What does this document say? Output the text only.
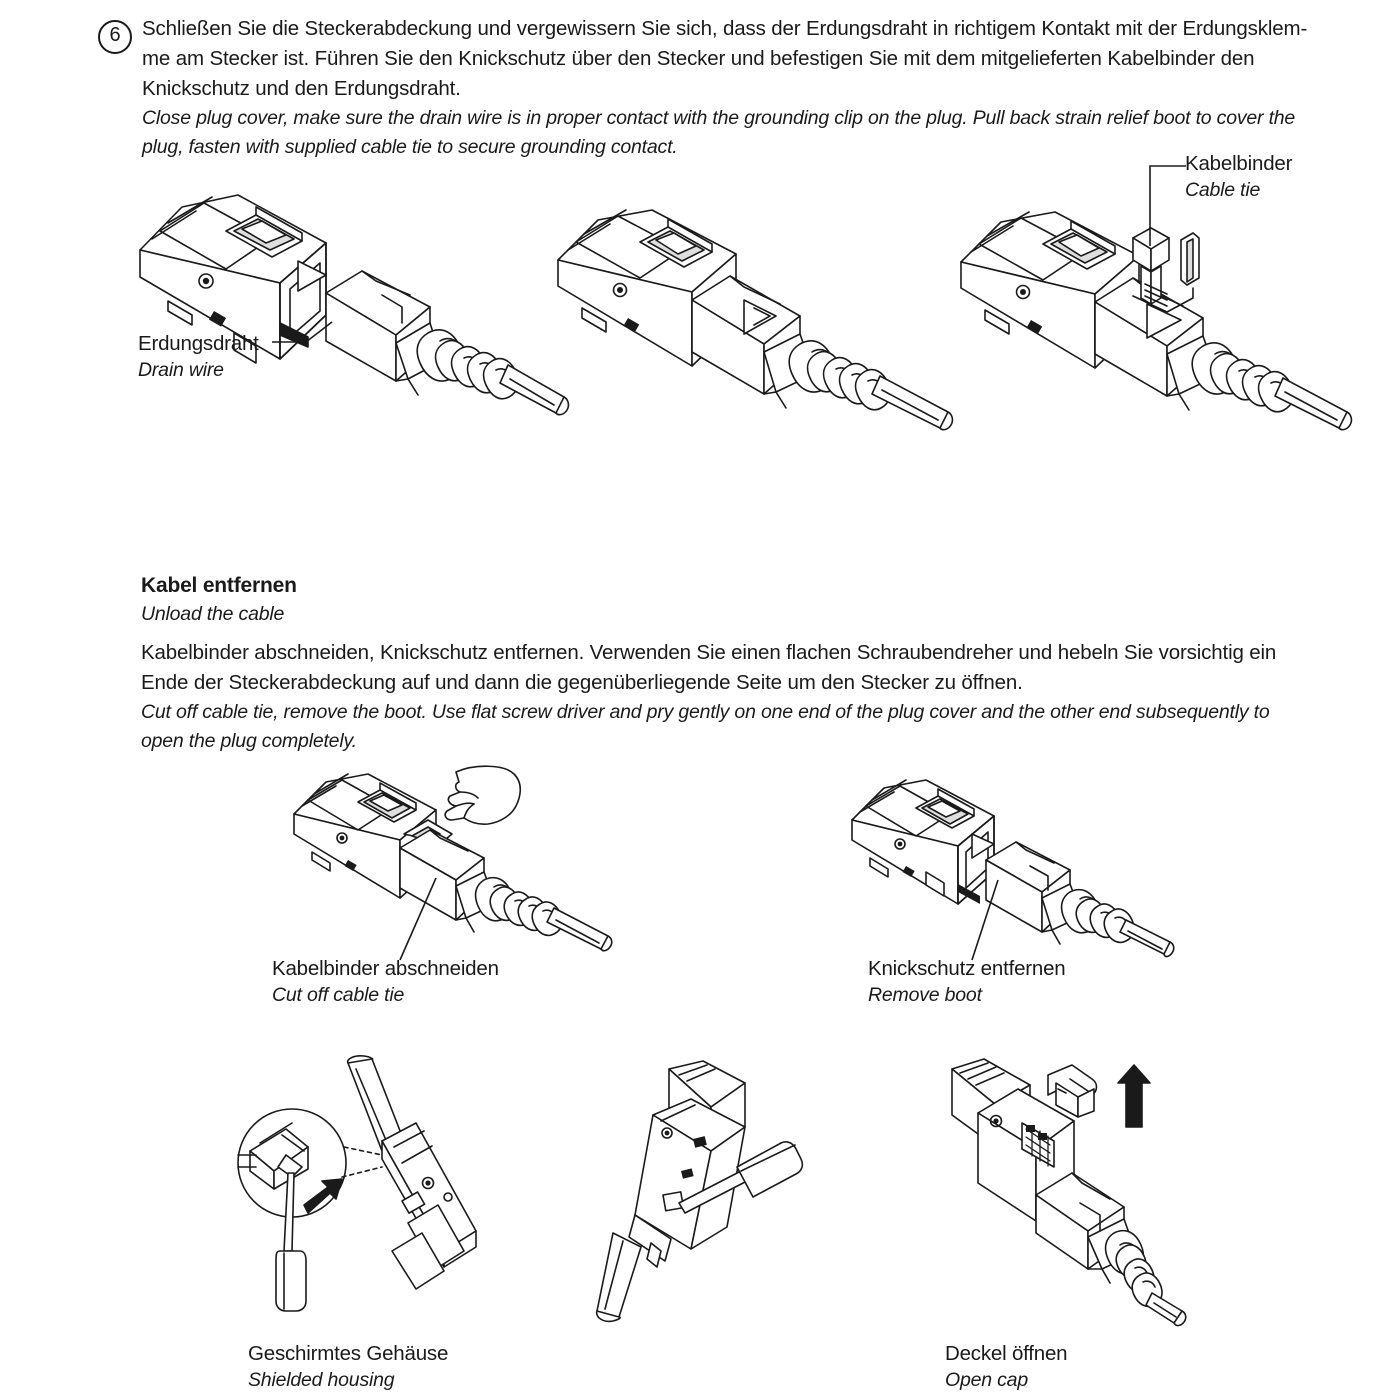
6	Schließen Sie die Steckerabdeckung und vergewissern Sie sich, dass der Erdungsdraht in richtigem Kontakt mit der Erdungsklem-
me am Stecker ist. Führen Sie den Knickschutz über den Stecker und befestigen Sie mit dem mitgelieferten Kabelbinder den
Knickschutz und den Erdungsdraht.
Close plug cover, make sure the drain wire is in proper contact with the grounding clip on the plug. Pull back strain relief boot to cover the
plug, fasten with supplied cable tie to secure grounding contact.
Erdungsdraht
Drain wire
Kabelbinder
Cable tie
Kabel entfernen
Unload the cable
Kabelbinder abschneiden, Knickschutz entfernen. Verwenden Sie einen flachen Schraubendreher und hebeln Sie vorsichtig ein
Ende der Steckerabdeckung auf und dann die gegenüberliegende Seite um den Stecker zu öffnen.
Cut off cable tie, remove the boot. Use flat screw driver and pry gently on one end of the plug cover and the other end subsequently to
open the plug completely.
Kabelbinder abschneiden
Cut off cable tie
Knickschutz entfernen
Remove boot
Geschirmtes Gehäuse
Shielded housing
Deckel öffnen
Open cap
